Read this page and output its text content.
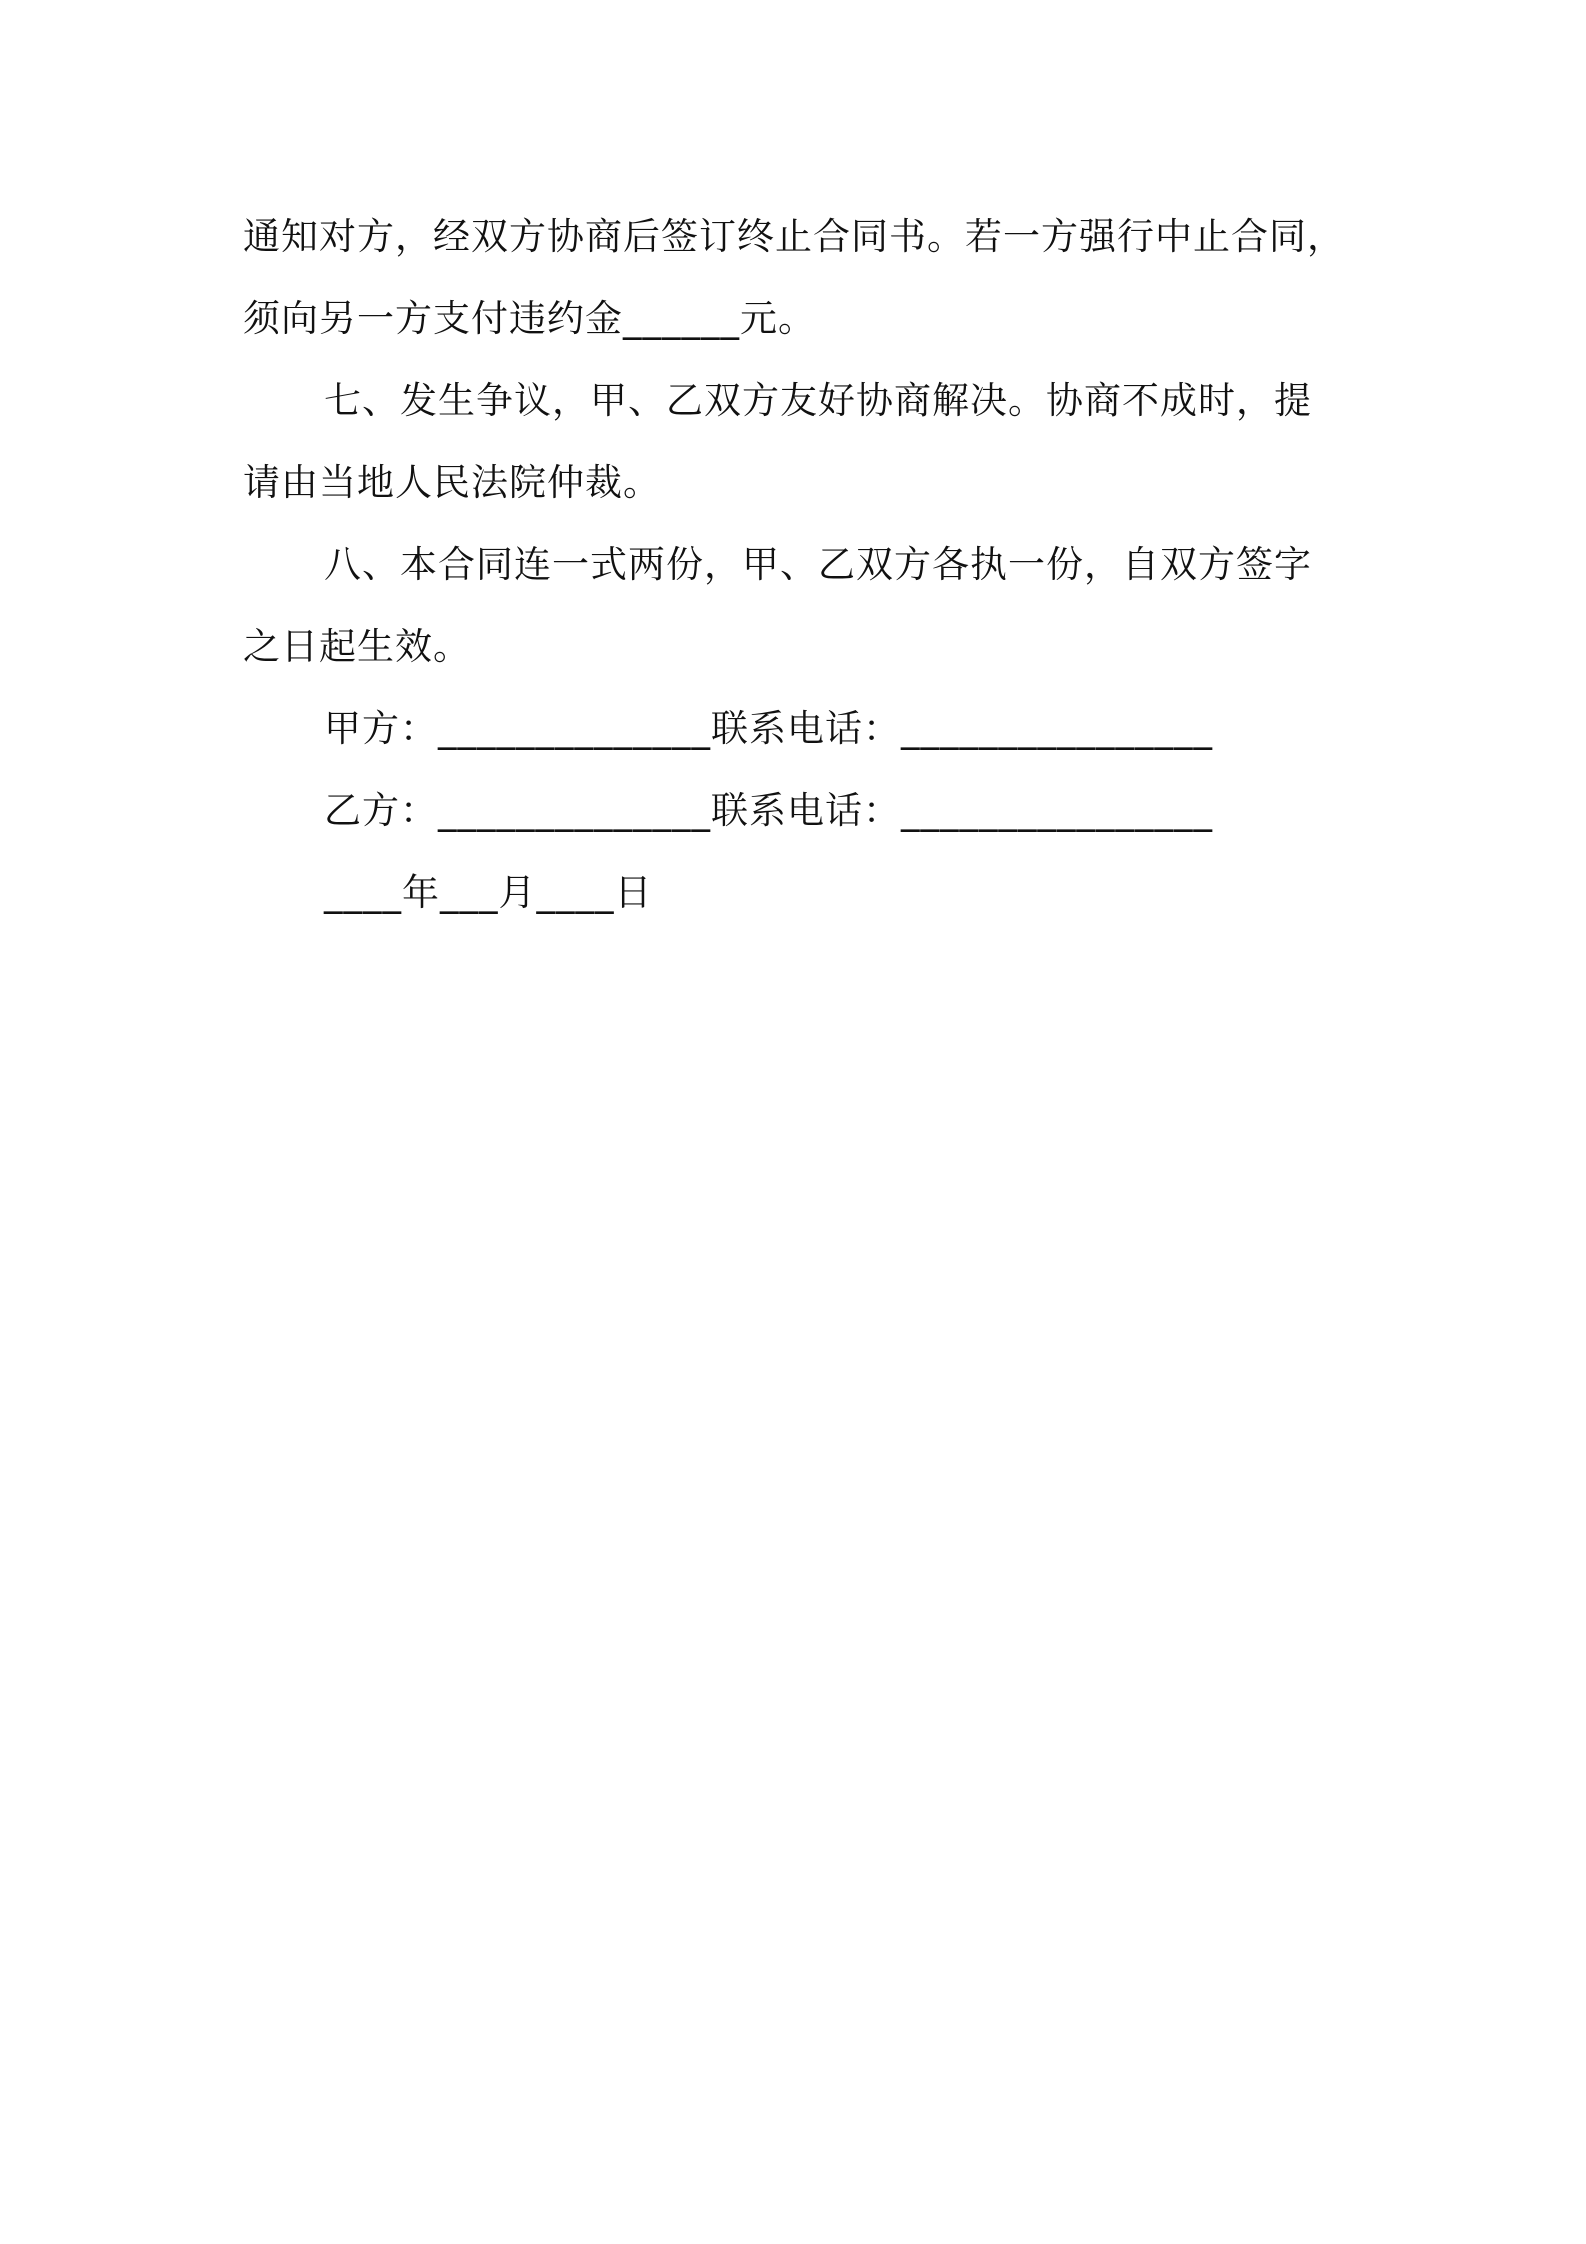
通知对方，经双方协商后签订终止合同书。若一方强行中止合同，

须向另一方支付违约金______元。

七、发生争议，甲、乙双方友好协商解决。协商不成时，提

请由当地人民法院仲裁。

八、本合同连一式两份，甲、乙双方各执一份，自双方签字

之日起生效。

甲方：______________联系电话：________________

乙方：______________联系电话：________________

____年___月____日
